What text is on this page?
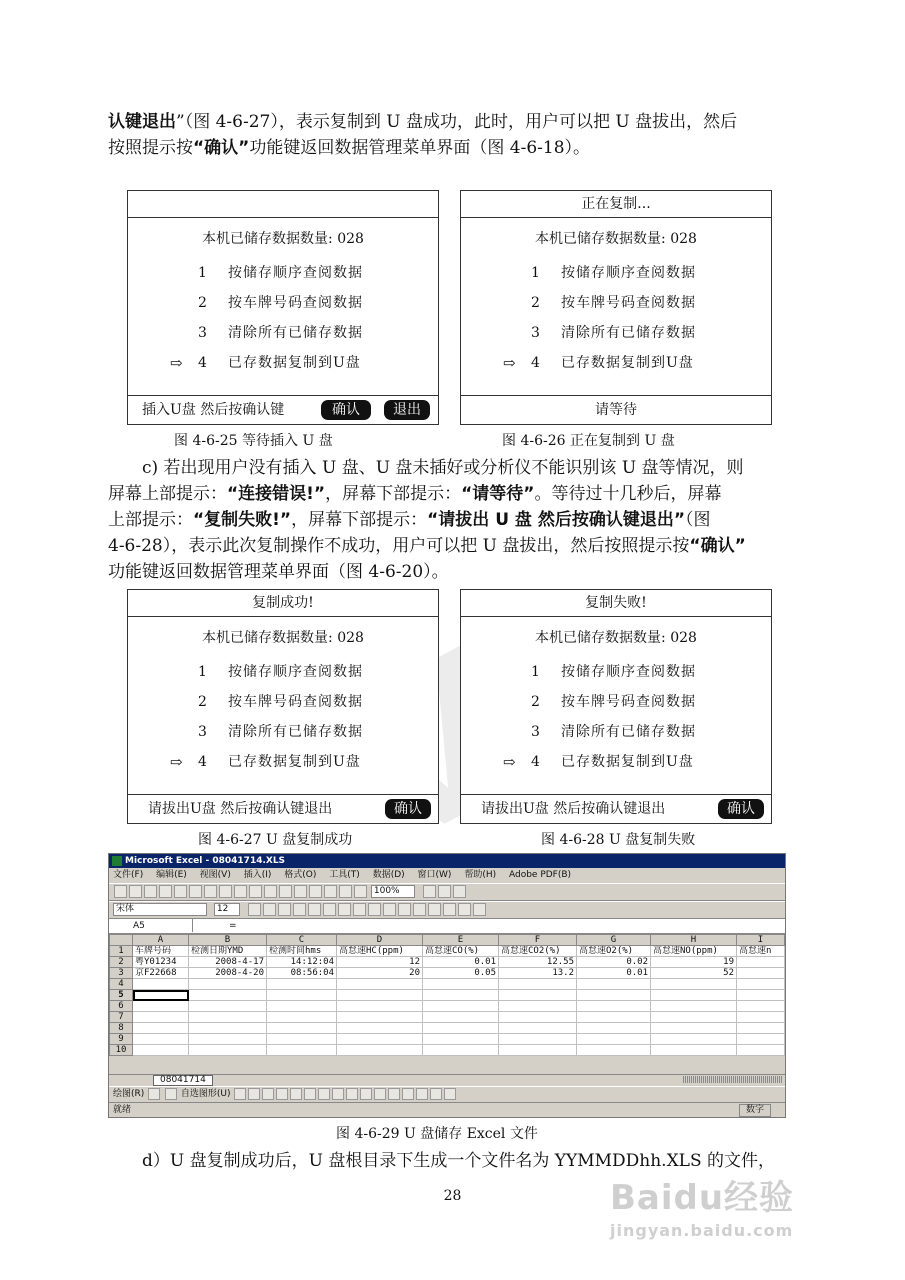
认键退出”（图 4-6-27），表示复制到 U 盘成功，此时，用户可以把 U 盘拔出，然后
按照提示按“确认”功能键返回数据管理菜单界面（图 4-6-18）。
本机已储存数据数量: 028
1 按储存顺序查阅数据
2 按车牌号码查阅数据
3 清除所有已储存数据
⇨ 4 已存数据复制到U盘
插入U盘 然后按确认键	确认	退出
正在复制...
本机已储存数据数量: 028
1 按储存顺序查阅数据
2 按车牌号码查阅数据
3 清除所有已储存数据
⇨ 4 已存数据复制到U盘
请等待
图 4-6-25 等待插入 U 盘	图 4-6-26 正在复制到 U 盘
c) 若出现用户没有插入 U 盘、U 盘未插好或分析仪不能识别该 U 盘等情况，则
屏幕上部提示：“连接错误!”，屏幕下部提示：“请等待”。等待过十几秒后，屏幕
上部提示：“复制失败!”，屏幕下部提示：“请拔出 U 盘 然后按确认键退出”（图
4-6-28），表示此次复制操作不成功，用户可以把 U 盘拔出，然后按照提示按“确认”
功能键返回数据管理菜单界面（图 4-6-20）。
复制成功!
本机已储存数据数量: 028
1 按储存顺序查阅数据
2 按车牌号码查阅数据
3 清除所有已储存数据
⇨ 4 已存数据复制到U盘
请拔出U盘 然后按确认键退出	确认
复制失败!
本机已储存数据数量: 028
1 按储存顺序查阅数据
2 按车牌号码查阅数据
3 清除所有已储存数据
⇨ 4 已存数据复制到U盘
请拔出U盘 然后按确认键退出	确认
图 4-6-27 U 盘复制成功	图 4-6-28 U 盘复制失败
Microsoft Excel - 08041714.XLS
文件(F) 编辑(E) 视图(V) 插入(I) 格式(O) 工具(T) 数据(D) 窗口(W) 帮助(H) Adobe PDF(B)
100%
宋体	12
A5	=
	A	B	C	D	E	F	G	H	I
1	车牌号码	检测日期YMD	检测时间hms	高怠速HC(ppm)	高怠速CO(%)	高怠速CO2(%)	高怠速O2(%)	高怠速NO(ppm)	高怠速n
2	粤Y01234	2008-4-17	14:12:04	12	0.01	12.55	0.02	19	
3	京F22668	2008-4-20	08:56:04	20	0.05	13.2	0.01	52	
4									
5									
6									
7									
8									
9									
10									
08041714
绘图(R)	自选图形(U)
就绪	数字
图 4-6-29 U 盘储存 Excel 文件
d）U 盘复制成功后，U 盘根目录下生成一个文件名为 YYMMDDhh.XLS 的文件，
28	Baidu经验
jingyan.baidu.com
